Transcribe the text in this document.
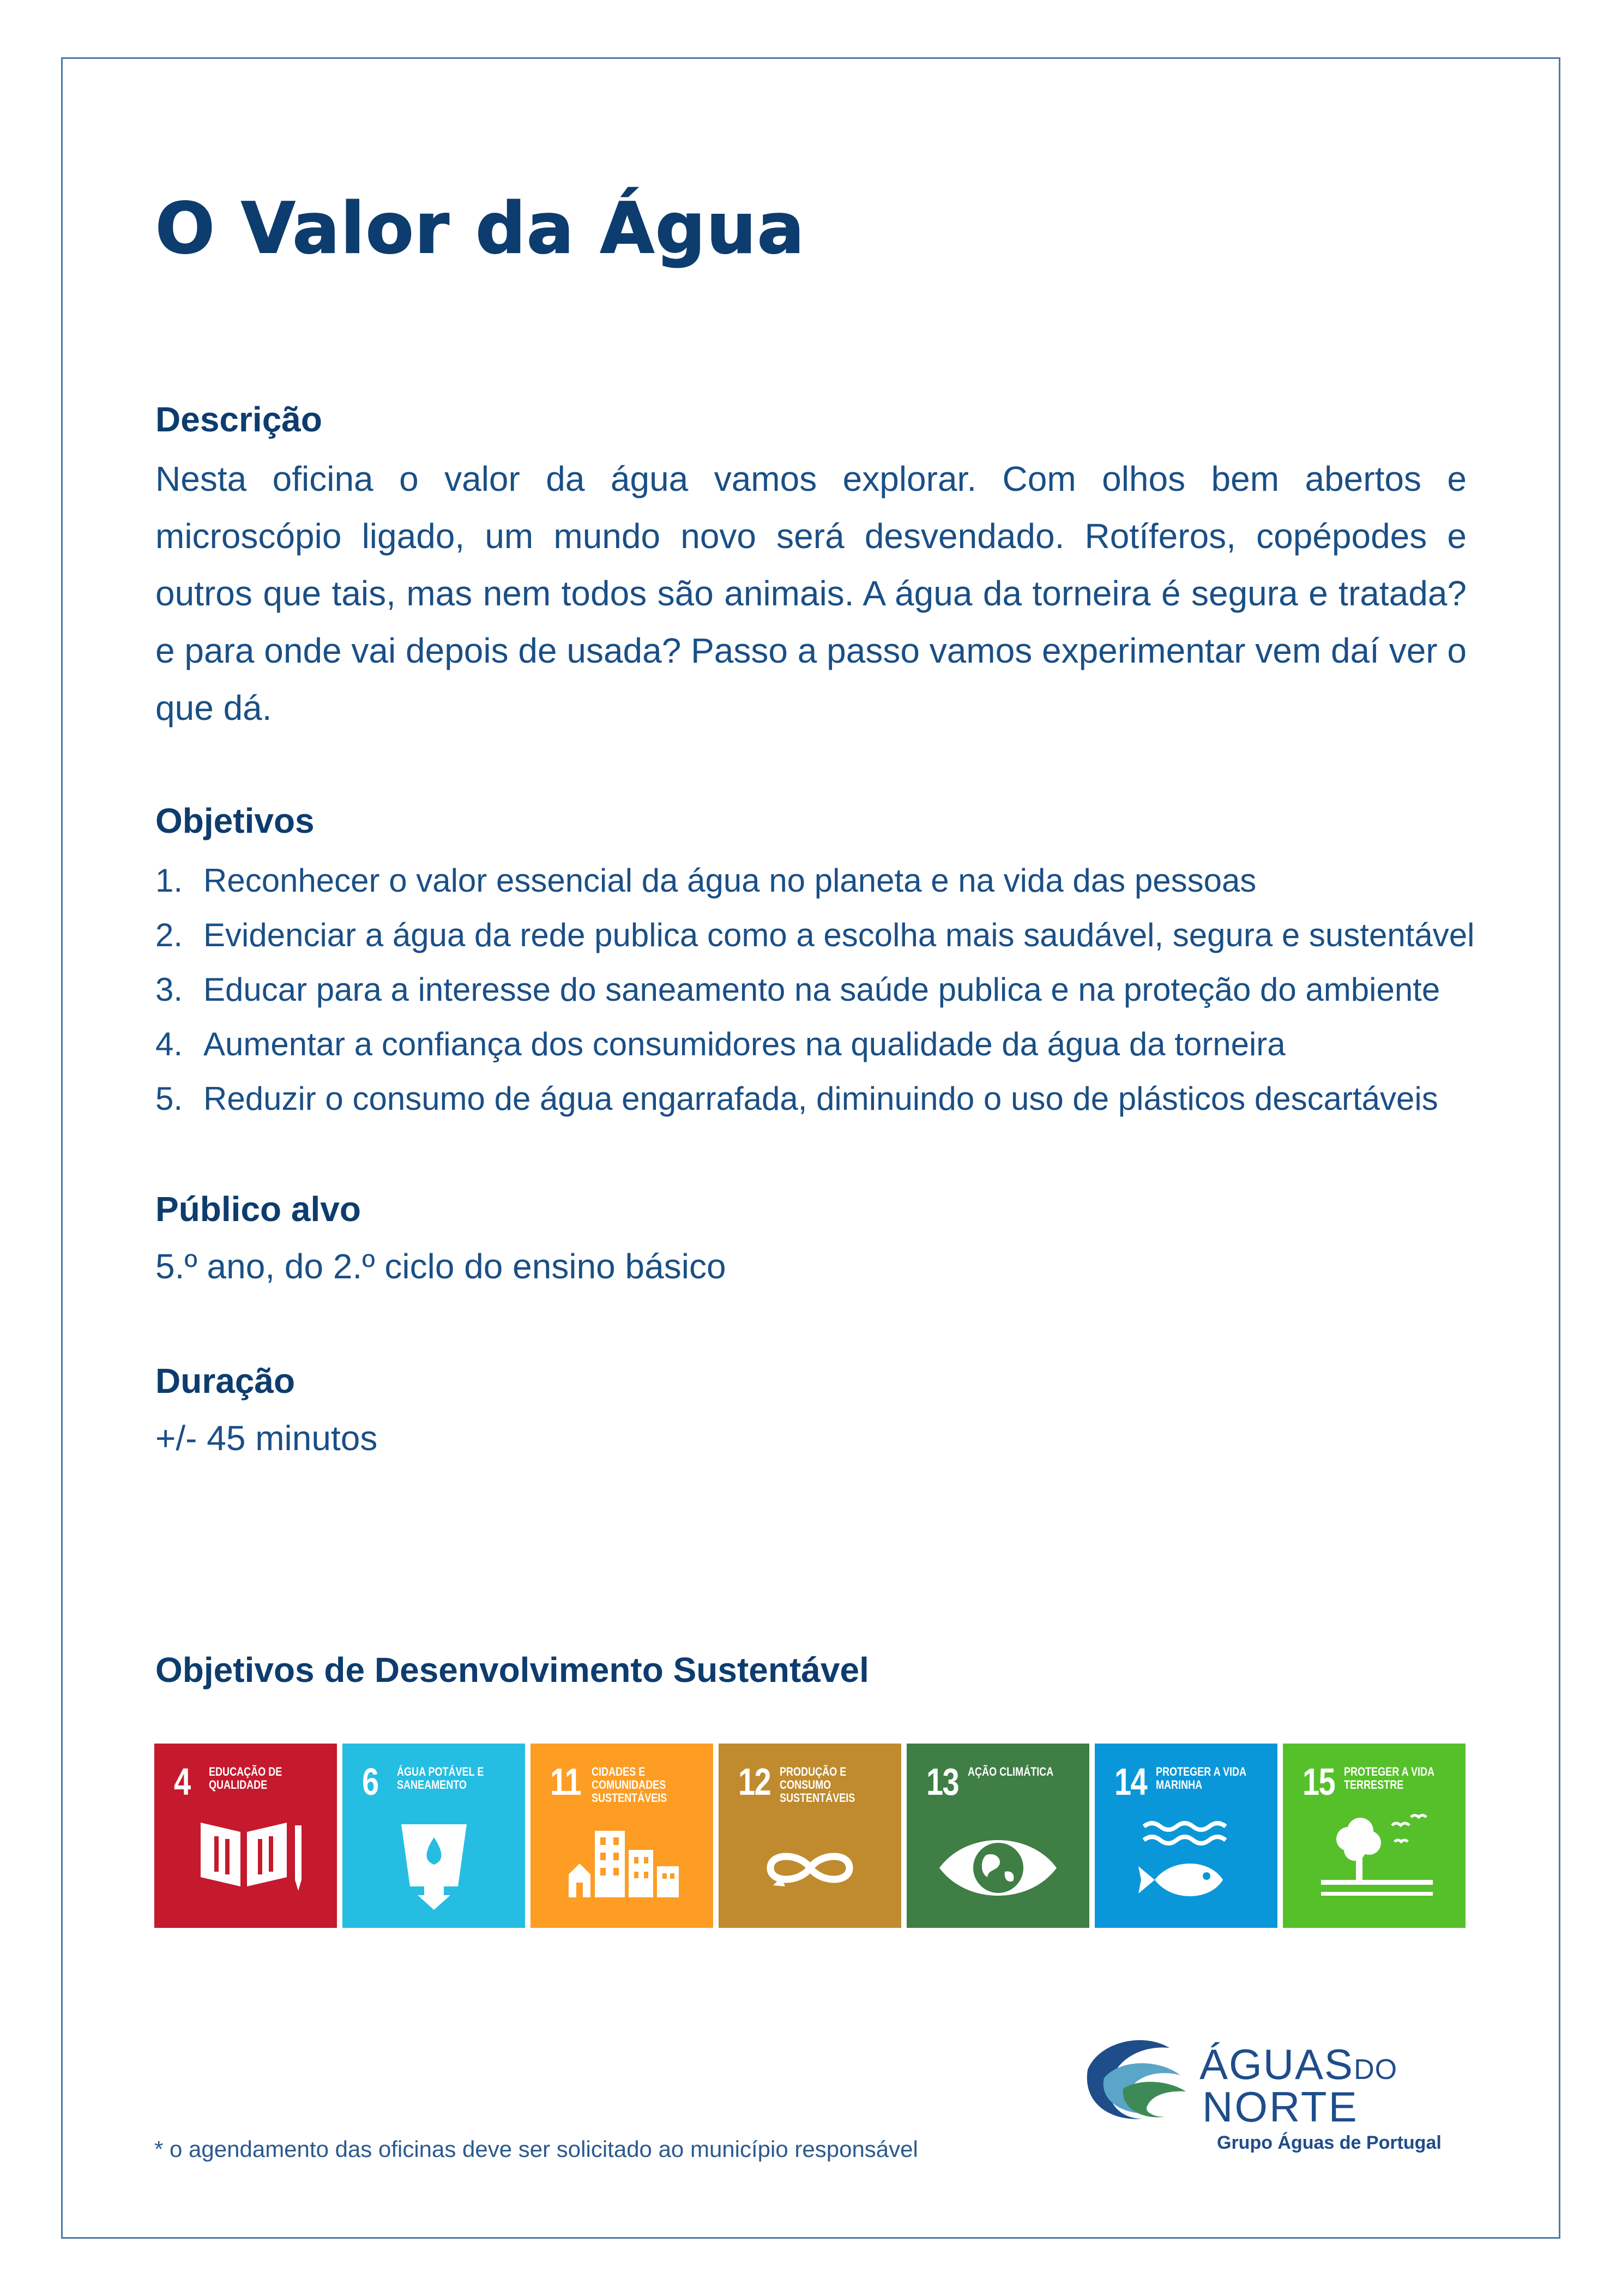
O Valor da Água
Descrição

Nesta oficina o valor da água vamos explorar. Com olhos bem abertos e microscópio ligado, um mundo novo será desvendado. Rotíferos, copépodes e outros que tais, mas nem todos são animais. A água da torneira é segura e tratada? e para onde vai depois de usada? Passo a passo vamos experimentar vem daí ver o que dá.

Objetivos
1. Reconhecer o valor essencial da água no planeta e na vida das pessoas
2. Evidenciar a água da rede publica como a escolha mais saudável, segura e sustentável
3. Educar para a interesse do saneamento na saúde publica e na proteção do ambiente
4. Aumentar a confiança dos consumidores na qualidade da água da torneira
5. Reduzir o consumo de água engarrafada, diminuindo o uso de plásticos descartáveis
Público alvo

5.º ano, do 2.º ciclo do ensino básico

Duração

+/- 45 minutos

Objetivos de Desenvolvimento Sustentável
4 EDUCAÇÃO DE QUALIDADE	6 ÁGUA POTÁVEL E SANEAMENTO	11 CIDADES E COMUNIDADES SUSTENTÁVEIS	12 PRODUÇÃO E CONSUMO SUSTENTÁVEIS	13 AÇÃO CLIMÁTICA	14 PROTEGER A VIDA MARINHA	15 PROTEGER A VIDA TERRESTRE
ÁGUASDO
NORTE
Grupo Águas de Portugal

* o agendamento das oficinas deve ser solicitado ao município responsável
